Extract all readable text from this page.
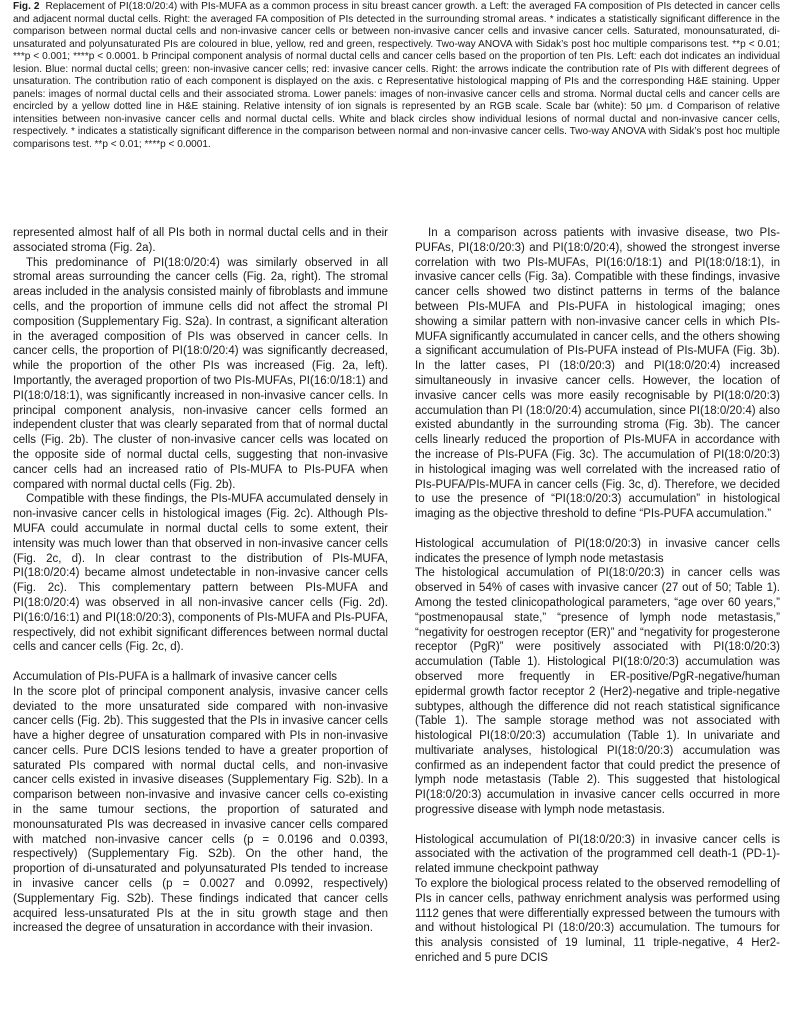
Fig. 2 Replacement of PI(18:0/20:4) with PIs-MUFA as a common process in situ breast cancer growth. a Left: the averaged FA composition of PIs detected in cancer cells and adjacent normal ductal cells. Right: the averaged FA composition of PIs detected in the surrounding stromal areas. * indicates a statistically significant difference in the comparison between normal ductal cells and non-invasive cancer cells or between non-invasive cancer cells and invasive cancer cells. Saturated, monounsaturated, di-unsaturated and polyunsaturated PIs are coloured in blue, yellow, red and green, respectively. Two-way ANOVA with Sidak’s post hoc multiple comparisons test. **p < 0.01; ***p < 0.001; ****p < 0.0001. b Principal component analysis of normal ductal cells and cancer cells based on the proportion of ten PIs. Left: each dot indicates an individual lesion. Blue: normal ductal cells; green: non-invasive cancer cells; red: invasive cancer cells. Right: the arrows indicate the contribution rate of PIs with different degrees of unsaturation. The contribution ratio of each component is displayed on the axis. c Representative histological mapping of PIs and the corresponding H&E staining. Upper panels: images of normal ductal cells and their associated stroma. Lower panels: images of non-invasive cancer cells and stroma. Normal ductal cells and cancer cells are encircled by a yellow dotted line in H&E staining. Relative intensity of ion signals is represented by an RGB scale. Scale bar (white): 50 μm. d Comparison of relative intensities between non-invasive cancer cells and normal ductal cells. White and black circles show individual lesions of normal ductal and non-invasive cancer cells, respectively. * indicates a statistically significant difference in the comparison between normal and non-invasive cancer cells. Two-way ANOVA with Sidak’s post hoc multiple comparisons test. **p < 0.01; ****p < 0.0001.

represented almost half of all PIs both in normal ductal cells and in their associated stroma (Fig. 2a).

This predominance of PI(18:0/20:4) was similarly observed in all stromal areas surrounding the cancer cells (Fig. 2a, right). The stromal areas included in the analysis consisted mainly of fibroblasts and immune cells, and the proportion of immune cells did not affect the stromal PI composition (Supplementary Fig. S2a). In contrast, a significant alteration in the averaged composition of PIs was observed in cancer cells. In cancer cells, the proportion of PI(18:0/20:4) was significantly decreased, while the proportion of the other PIs was increased (Fig. 2a, left). Importantly, the averaged proportion of two PIs-MUFAs, PI(16:0/18:1) and PI(18:0/18:1), was significantly increased in non-invasive cancer cells. In principal component analysis, non-invasive cancer cells formed an independent cluster that was clearly separated from that of normal ductal cells (Fig. 2b). The cluster of non-invasive cancer cells was located on the opposite side of normal ductal cells, suggesting that non-invasive cancer cells had an increased ratio of PIs-MUFA to PIs-PUFA when compared with normal ductal cells (Fig. 2b).

Compatible with these findings, the PIs-MUFA accumulated densely in non-invasive cancer cells in histological images (Fig. 2c). Although PIs-MUFA could accumulate in normal ductal cells to some extent, their intensity was much lower than that observed in non-invasive cancer cells (Fig. 2c, d). In clear contrast to the distribution of PIs-MUFA, PI(18:0/20:4) became almost undetectable in non-invasive cancer cells (Fig. 2c). This complementary pattern between PIs-MUFA and PI(18:0/20:4) was observed in all non-invasive cancer cells (Fig. 2d). PI(16:0/16:1) and PI(18:0/20:3), components of PIs-MUFA and PIs-PUFA, respectively, did not exhibit significant differences between normal ductal cells and cancer cells (Fig. 2c, d).

Accumulation of PIs-PUFA is a hallmark of invasive cancer cells

In the score plot of principal component analysis, invasive cancer cells deviated to the more unsaturated side compared with non-invasive cancer cells (Fig. 2b). This suggested that the PIs in invasive cancer cells have a higher degree of unsaturation compared with PIs in non-invasive cancer cells. Pure DCIS lesions tended to have a greater proportion of saturated PIs compared with normal ductal cells, and non-invasive cancer cells existed in invasive diseases (Supplementary Fig. S2b). In a comparison between non-invasive and invasive cancer cells co-existing in the same tumour sections, the proportion of saturated and monounsaturated PIs was decreased in invasive cancer cells compared with matched non-invasive cancer cells (p = 0.0196 and 0.0393, respectively) (Supplementary Fig. S2b). On the other hand, the proportion of di-unsaturated and polyunsaturated PIs tended to increase in invasive cancer cells (p = 0.0027 and 0.0992, respectively) (Supplementary Fig. S2b). These findings indicated that cancer cells acquired less-unsaturated PIs at the in situ growth stage and then increased the degree of unsaturation in accordance with their invasion.

In a comparison across patients with invasive disease, two PIs-PUFAs, PI(18:0/20:3) and PI(18:0/20:4), showed the strongest inverse correlation with two PIs-MUFAs, PI(16:0/18:1) and PI(18:0/18:1), in invasive cancer cells (Fig. 3a). Compatible with these findings, invasive cancer cells showed two distinct patterns in terms of the balance between PIs-MUFA and PIs-PUFA in histological imaging; ones showing a similar pattern with non-invasive cancer cells in which PIs-MUFA significantly accumulated in cancer cells, and the others showing a significant accumulation of PIs-PUFA instead of PIs-MUFA (Fig. 3b). In the latter cases, PI (18:0/20:3) and PI(18:0/20:4) increased simultaneously in invasive cancer cells. However, the location of invasive cancer cells was more easily recognisable by PI(18:0/20:3) accumulation than PI (18:0/20:4) accumulation, since PI(18:0/20:4) also existed abundantly in the surrounding stroma (Fig. 3b). The cancer cells linearly reduced the proportion of PIs-MUFA in accordance with the increase of PIs-PUFA (Fig. 3c). The accumulation of PI(18:0/20:3) in histological imaging was well correlated with the increased ratio of PIs-PUFA/PIs-MUFA in cancer cells (Fig. 3c, d). Therefore, we decided to use the presence of “PI(18:0/20:3) accumulation” in histological imaging as the objective threshold to define “PIs-PUFA accumulation.”

Histological accumulation of PI(18:0/20:3) in invasive cancer cells indicates the presence of lymph node metastasis

The histological accumulation of PI(18:0/20:3) in cancer cells was observed in 54% of cases with invasive cancer (27 out of 50; Table 1). Among the tested clinicopathological parameters, “age over 60 years,” “postmenopausal state,” “presence of lymph node metastasis,” “negativity for oestrogen receptor (ER)” and “negativity for progesterone receptor (PgR)” were positively associated with PI(18:0/20:3) accumulation (Table 1). Histological PI(18:0/20:3) accumulation was observed more frequently in ER-positive/PgR-negative/human epidermal growth factor receptor 2 (Her2)-negative and triple-negative subtypes, although the difference did not reach statistical significance (Table 1). The sample storage method was not associated with histological PI(18:0/20:3) accumulation (Table 1). In univariate and multivariate analyses, histological PI(18:0/20:3) accumulation was confirmed as an independent factor that could predict the presence of lymph node metastasis (Table 2). This suggested that histological PI(18:0/20:3) accumulation in invasive cancer cells occurred in more progressive disease with lymph node metastasis.

Histological accumulation of PI(18:0/20:3) in invasive cancer cells is associated with the activation of the programmed cell death-1 (PD-1)-related immune checkpoint pathway

To explore the biological process related to the observed remodelling of PIs in cancer cells, pathway enrichment analysis was performed using 1112 genes that were differentially expressed between the tumours with and without histological PI (18:0/20:3) accumulation. The tumours for this analysis consisted of 19 luminal, 11 triple-negative, 4 Her2-enriched and 5 pure DCIS
